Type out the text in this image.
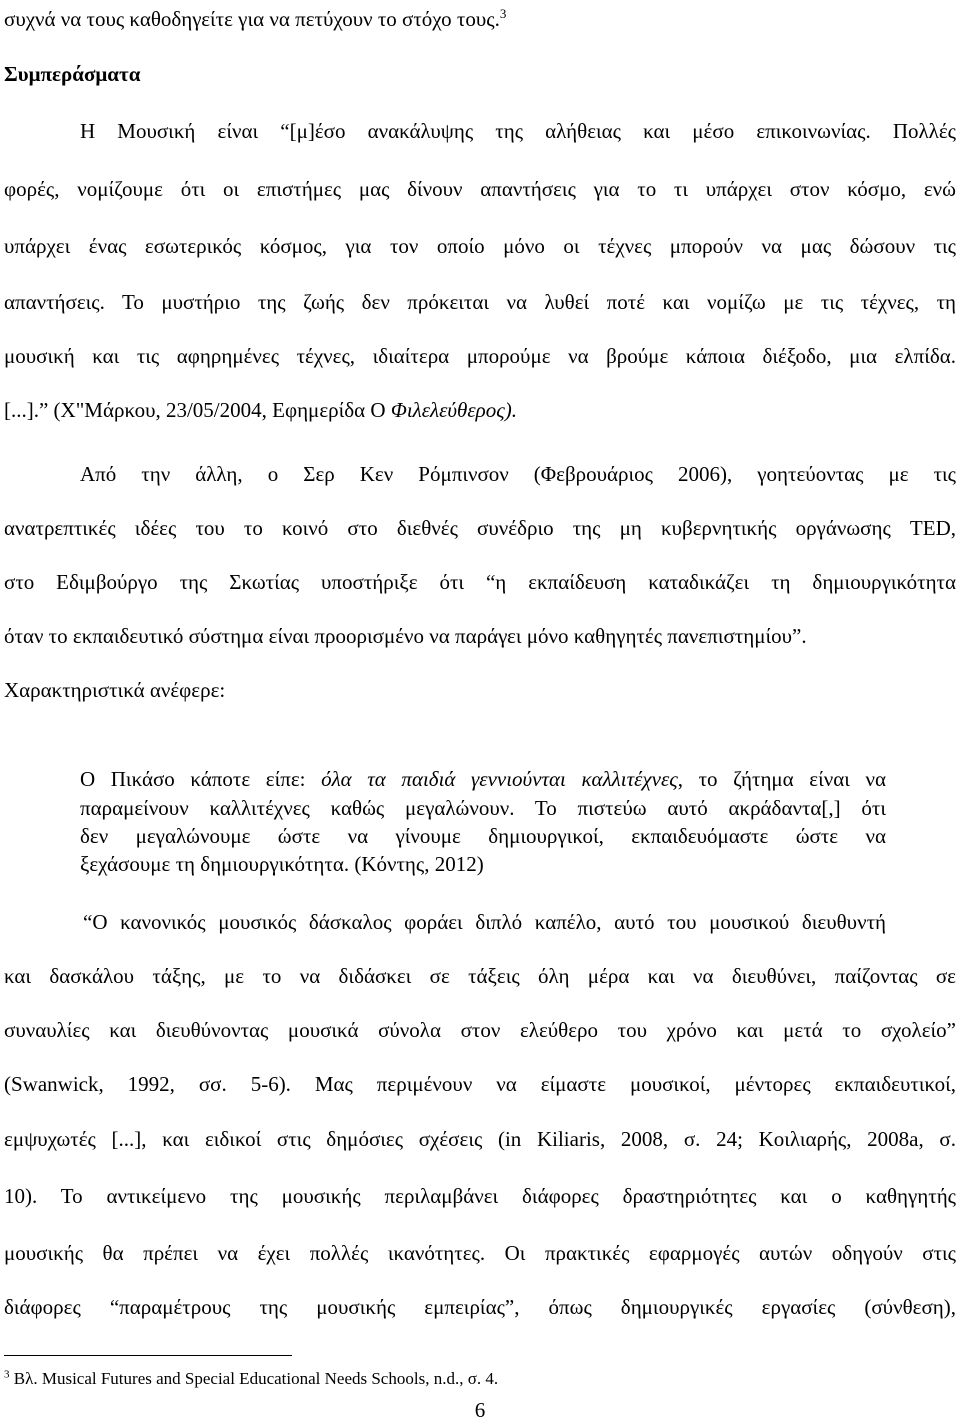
συχνά να τους καθοδηγείτε για να πετύχουν το στόχο τους.$^3$
Συμπεράσματα
Η Μουσική είναι “[μ]έσο ανακάλυψης της αλήθειας και μέσο επικοινωνίας. Πολλές
φορές, νομίζουμε ότι οι επιστήμες μας δίνουν απαντήσεις για το τι υπάρχει στον κόσμο, ενώ
υπάρχει ένας εσωτερικός κόσμος, για τον οποίο μόνο οι τέχνες μπορούν να μας δώσουν τις
απαντήσεις. Το μυστήριο της ζωής δεν πρόκειται να λυθεί ποτέ και νομίζω με τις τέχνες, τη
μουσική και τις αφηρημένες τέχνες, ιδιαίτερα μπορούμε να βρούμε κάποια διέξοδο, μια ελπίδα.
[...].” (Χ"Μάρκου, 23/05/2004, Εφημερίδα Ο Φιλελεύθερος).
Από την άλλη, ο Σερ Κεν Ρόμπινσον (Φεβρουάριος 2006), γοητεύοντας με τις
ανατρεπτικές ιδέες του το κοινό στο διεθνές συνέδριο της μη κυβερνητικής οργάνωσης TED,
στο Εδιμβούργο της Σκωτίας υποστήριξε ότι “η εκπαίδευση καταδικάζει τη δημιουργικότητα
όταν το εκπαιδευτικό σύστημα είναι προορισμένο να παράγει μόνο καθηγητές πανεπιστημίου”.
Χαρακτηριστικά ανέφερε:
Ο Πικάσο κάποτε είπε: όλα τα παιδιά γεννιούνται καλλιτέχνες, το ζήτημα είναι να
παραμείνουν καλλιτέχνες καθώς μεγαλώνουν. Το πιστεύω αυτό ακράδαντα[,] ότι
δεν μεγαλώνουμε ώστε να γίνουμε δημιουργικοί, εκπαιδευόμαστε ώστε να
ξεχάσουμε τη δημιουργικότητα. (Κόντης, 2012)
“Ο κανονικός μουσικός δάσκαλος φοράει διπλό καπέλο, αυτό του μουσικού διευθυντή
και δασκάλου τάξης, με το να διδάσκει σε τάξεις όλη μέρα και να διευθύνει, παίζοντας σε
συναυλίες και διευθύνοντας μουσικά σύνολα στον ελεύθερο του χρόνο και μετά το σχολείο”
(Swanwick, 1992, σσ. 5-6). Μας περιμένουν να είμαστε μουσικοί, μέντορες εκπαιδευτικοί,
εμψυχωτές [...], και ειδικοί στις δημόσιες σχέσεις (in Kiliaris, 2008, σ. 24; Κοιλιαρής, 2008a, σ.
10). Το αντικείμενο της μουσικής περιλαμβάνει διάφορες δραστηριότητες και ο καθηγητής
μουσικής θα πρέπει να έχει πολλές ικανότητες. Οι πρακτικές εφαρμογές αυτών οδηγούν στις
διάφορες “παραμέτρους της μουσικής εμπειρίας”, όπως δημιουργικές εργασίες (σύνθεση),
$^3$ Βλ. Musical Futures and Special Educational Needs Schools, n.d., σ. 4.
6
